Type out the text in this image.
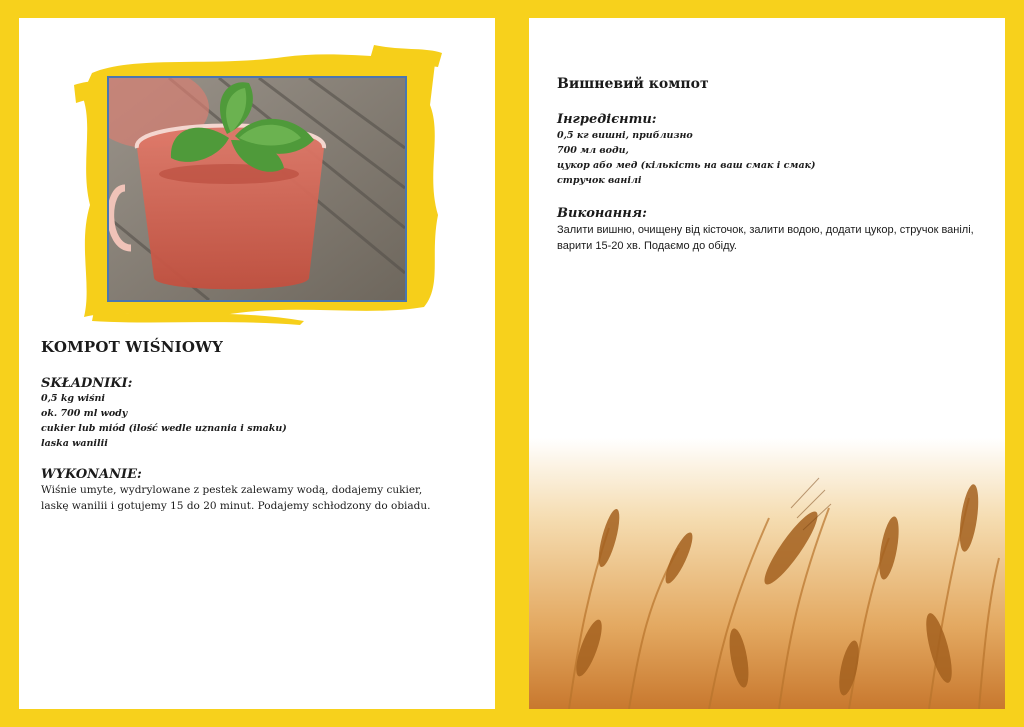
KOMPOT WIŚNIOWY
SKŁADNIKI:
0,5 kg wiśni
ok. 700 ml wody
cukier lub miód (ilość wedle uznania i smaku)
laska wanilii
WYKONANIE:

Wiśnie umyte, wydrylowane z pestek zalewamy wodą, dodajemy cukier, laskę wanilii i gotujemy 15 do 20 minut. Podajemy schłodzony do obiadu.

Вишневий компот
Інгредієнти:
0,5 кг вишні, приблизно
700 мл води,
цукор або мед (кількість на ваш смак і смак)
стручок ванілі
Виконання:

Залити вишню, очищену від кісточок, залити водою, додати цукор, стручок ванілі, варити 15-20 хв. Подаємо до обіду.
